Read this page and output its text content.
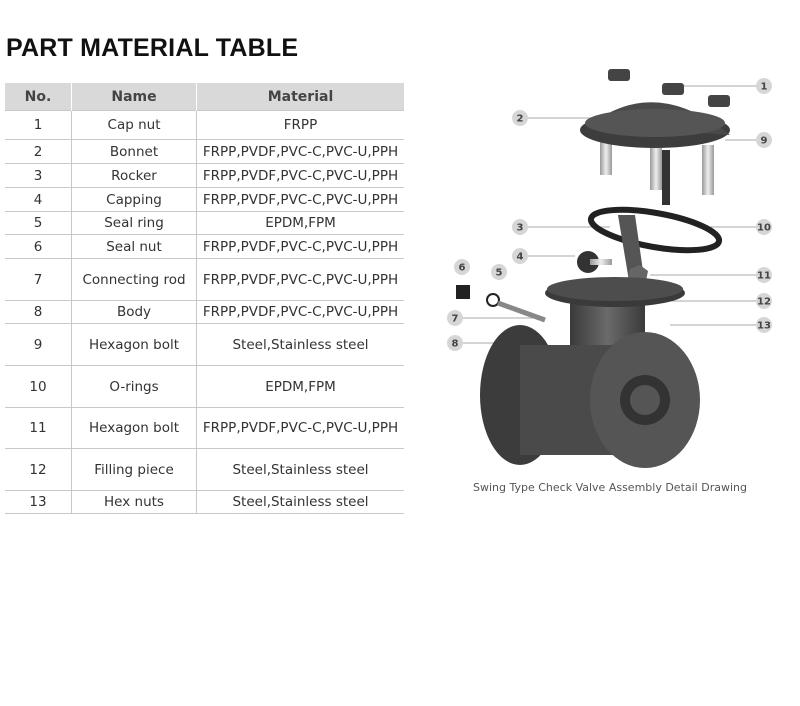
PART MATERIAL TABLE
No.	Name	Material
1	Cap nut	FRPP
2	Bonnet	FRPP,PVDF,PVC-C,PVC-U,PPH
3	Rocker	FRPP,PVDF,PVC-C,PVC-U,PPH
4	Capping	FRPP,PVDF,PVC-C,PVC-U,PPH
5	Seal ring	EPDM,FPM
6	Seal nut	FRPP,PVDF,PVC-C,PVC-U,PPH
7	Connecting rod	FRPP,PVDF,PVC-C,PVC-U,PPH
8	Body	FRPP,PVDF,PVC-C,PVC-U,PPH
9	Hexagon bolt	Steel,Stainless steel
10	O-rings	EPDM,FPM
11	Hexagon bolt	FRPP,PVDF,PVC-C,PVC-U,PPH
12	Filling piece	Steel,Stainless steel
13	Hex nuts	Steel,Stainless steel
1
2
3
4
5
6
7
8
9
10
11
12
13
Swing Type Check Valve Assembly Detail Drawing
